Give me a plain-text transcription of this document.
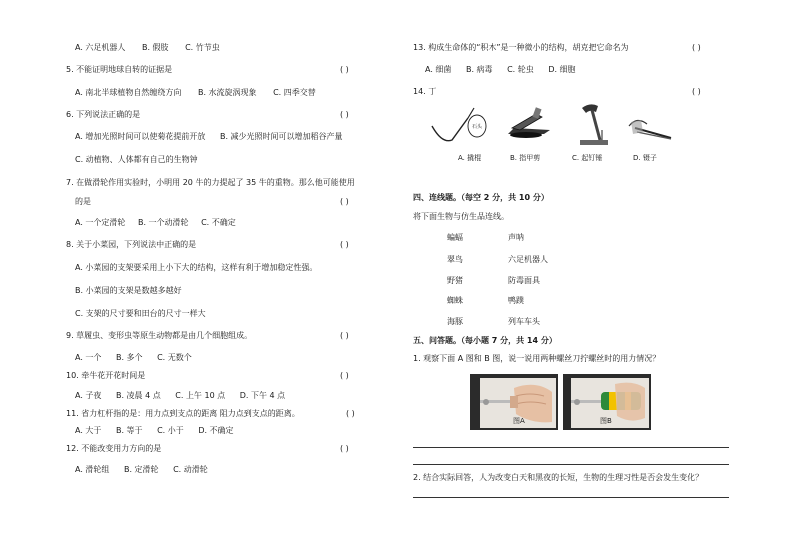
A. 六足机器人 B. 假肢 C. 竹节虫
5. 不能证明地球自转的证据是	( )
A. 南北半球植物自然缠绕方向 B. 水流旋涡现象 C. 四季交替
6. 下列说法正确的是	( )
A. 增加光照时间可以使菊花提前开放 B. 减少光照时间可以增加稻谷产量
C. 动植物、人体都有自己的生物钟
7. 在做滑轮作用实验时，小明用 20 牛的力提起了 35 牛的重物。那么他可能使用
的是	( )
A. 一个定滑轮 B. 一个动滑轮 C. 不确定
8. 关于小菜园，下列说法中正确的是	( )
A. 小菜园的支架要采用上小下大的结构，这样有利于增加稳定性强。
B. 小菜园的支架是数越多越好
C. 支架的尺寸要和田台的尺寸一样大
9. 草履虫、变形虫等原生动物都是由几个细胞组成。	( )
A. 一个 B. 多个 C. 无数个
10. 牵牛花开花时间是	( )
A. 子夜 B. 凌晨 4 点 C. 上午 10 点 D. 下午 4 点
11. 省力杠杆指的是：用力点到支点的距离 阻力点到支点的距离。	( )
A. 大于 B. 等于 C. 小于 D. 不确定
12. 不能改变用力方向的是	( )
A. 滑轮组 B. 定滑轮 C. 动滑轮
13. 构成生命体的“积木”是一种微小的结构，胡克把它命名为	( )
A. 细菌 B. 病毒 C. 轮虫 D. 细胞
14. 丁	( )
石头
A. 撬棍	B. 指甲剪	C. 起钉锤	D. 镊子
四、连线题。（每空 2 分，共 10 分）
将下面生物与仿生品连线。
蝙蝠	声呐
翠鸟	六足机器人
野猪	防毒面具
蜘蛛	鸭蹼
海豚	列车车头
五、问答题。（每小题 7 分，共 14 分）
1. 观察下面 A 图和 B 图，说一说用两种螺丝刀拧螺丝时的用力情况？
图A	图B
2. 结合实际回答，人为改变白天和黑夜的长短，生物的生理习性是否会发生变化？
